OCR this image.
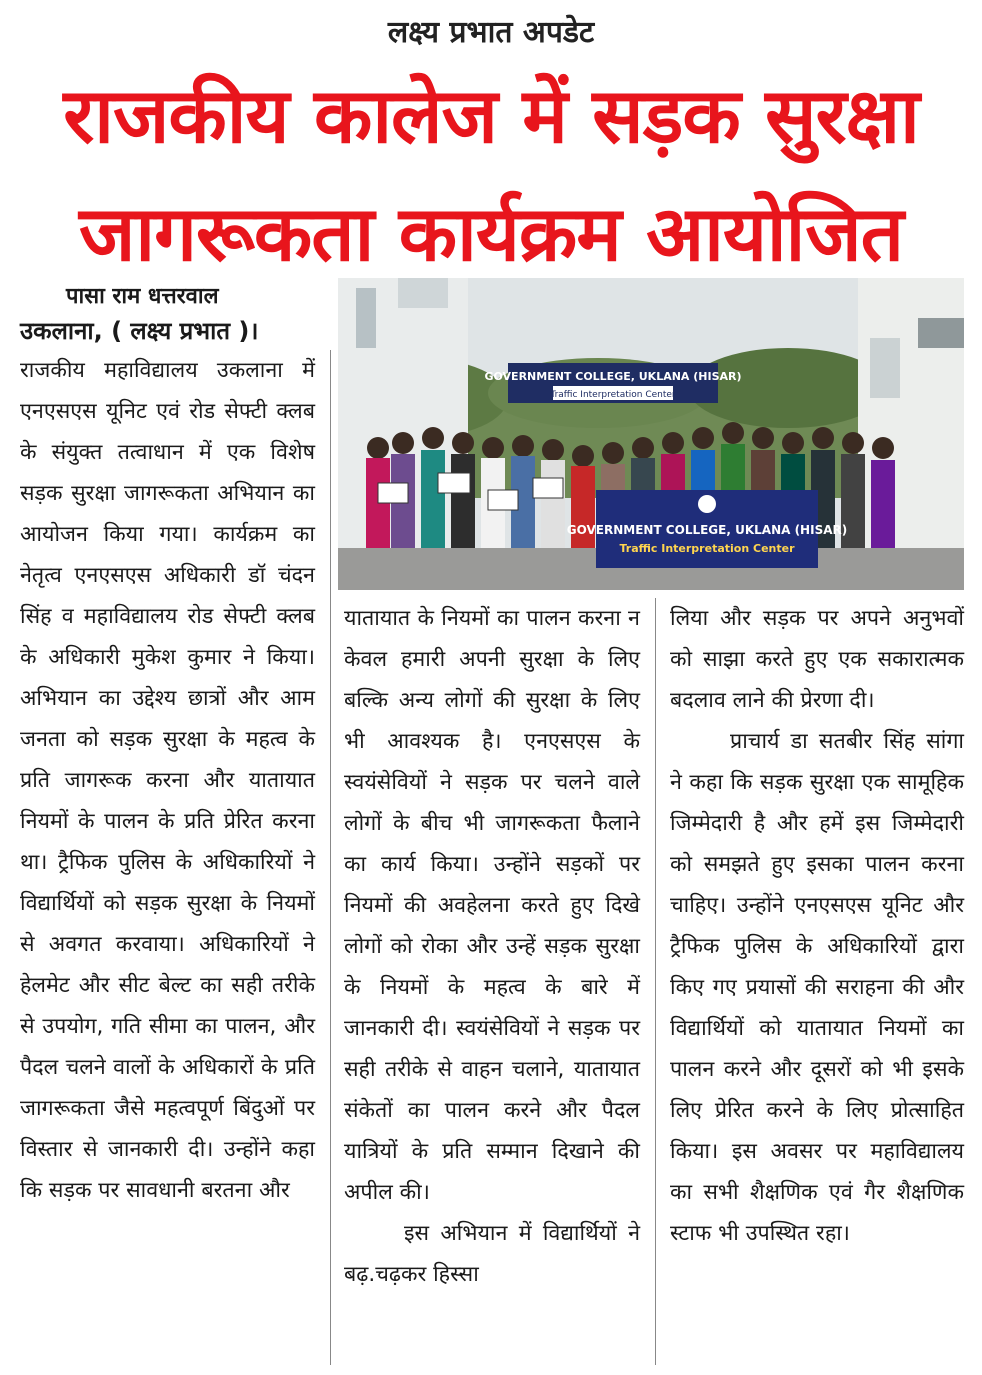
लक्ष्य प्रभात अपडेट
राजकीय कालेज में सड़क सुरक्षा
जागरूकता कार्यक्रम आयोजित
पासा राम धत्तरवाल
उकलाना, ( लक्ष्य प्रभात )।
GOVERNMENT COLLEGE, UKLANA (HISAR)
Traffic Interpretation Center
GOVERNMENT COLLEGE, UKLANA (HISAR)
Traffic Interpretation Center

राजकीय महाविद्यालय उकलाना में एनएसएस यूनिट एवं रोड सेफ्टी क्लब के संयुक्त तत्वाधान में एक विशेष सड़क सुरक्षा जागरूकता अभियान का आयोजन किया गया। कार्यक्रम का नेतृत्व एनएसएस अधिकारी डॉ चंदन सिंह व महाविद्यालय रोड सेफ्टी क्लब के अधिकारी मुकेश कुमार ने किया। अभियान का उद्देश्य छात्रों और आम जनता को सड़क सुरक्षा के महत्व के प्रति जागरूक करना और यातायात नियमों के पालन के प्रति प्रेरित करना था। ट्रैफिक पुलिस के अधिकारियों ने विद्यार्थियों को सड़क सुरक्षा के नियमों से अवगत करवाया। अधिकारियों ने हेलमेट और सीट बेल्ट का सही तरीके से उपयोग, गति सीमा का पालन, और पैदल चलने वालों के अधिकारों के प्रति जागरूकता जैसे महत्वपूर्ण बिंदुओं पर विस्तार से जानकारी दी। उन्होंने कहा कि सड़क पर सावधानी बरतना और

यातायात के नियमों का पालन करना न केवल हमारी अपनी सुरक्षा के लिए बल्कि अन्य लोगों की सुरक्षा के लिए भी आवश्यक है। एनएसएस के स्वयंसेवियों ने सड़क पर चलने वाले लोगों के बीच भी जागरूकता फैलाने का कार्य किया। उन्होंने सड़कों पर नियमों की अवहेलना करते हुए दिखे लोगों को रोका और उन्हें सड़क सुरक्षा के नियमों के महत्व के बारे में जानकारी दी। स्वयंसेवियों ने सड़क पर सही तरीके से वाहन चलाने, यातायात संकेतों का पालन करने और पैदल यात्रियों के प्रति सम्मान दिखाने की अपील की।

इस अभियान में विद्यार्थियों ने बढ़.चढ़कर हिस्सा

लिया और सड़क पर अपने अनुभवों को साझा करते हुए एक सकारात्मक बदलाव लाने की प्रेरणा दी।

प्राचार्य डा सतबीर सिंह सांगा ने कहा कि सड़क सुरक्षा एक सामूहिक जिम्मेदारी है और हमें इस जिम्मेदारी को समझते हुए इसका पालन करना चाहिए। उन्होंने एनएसएस यूनिट और ट्रैफिक पुलिस के अधिकारियों द्वारा किए गए प्रयासों की सराहना की और विद्यार्थियों को यातायात नियमों का पालन करने और दूसरों को भी इसके लिए प्रेरित करने के लिए प्रोत्साहित किया। इस अवसर पर महाविद्यालय का सभी शैक्षणिक एवं गैर शैक्षणिक स्टाफ भी उपस्थित रहा।
